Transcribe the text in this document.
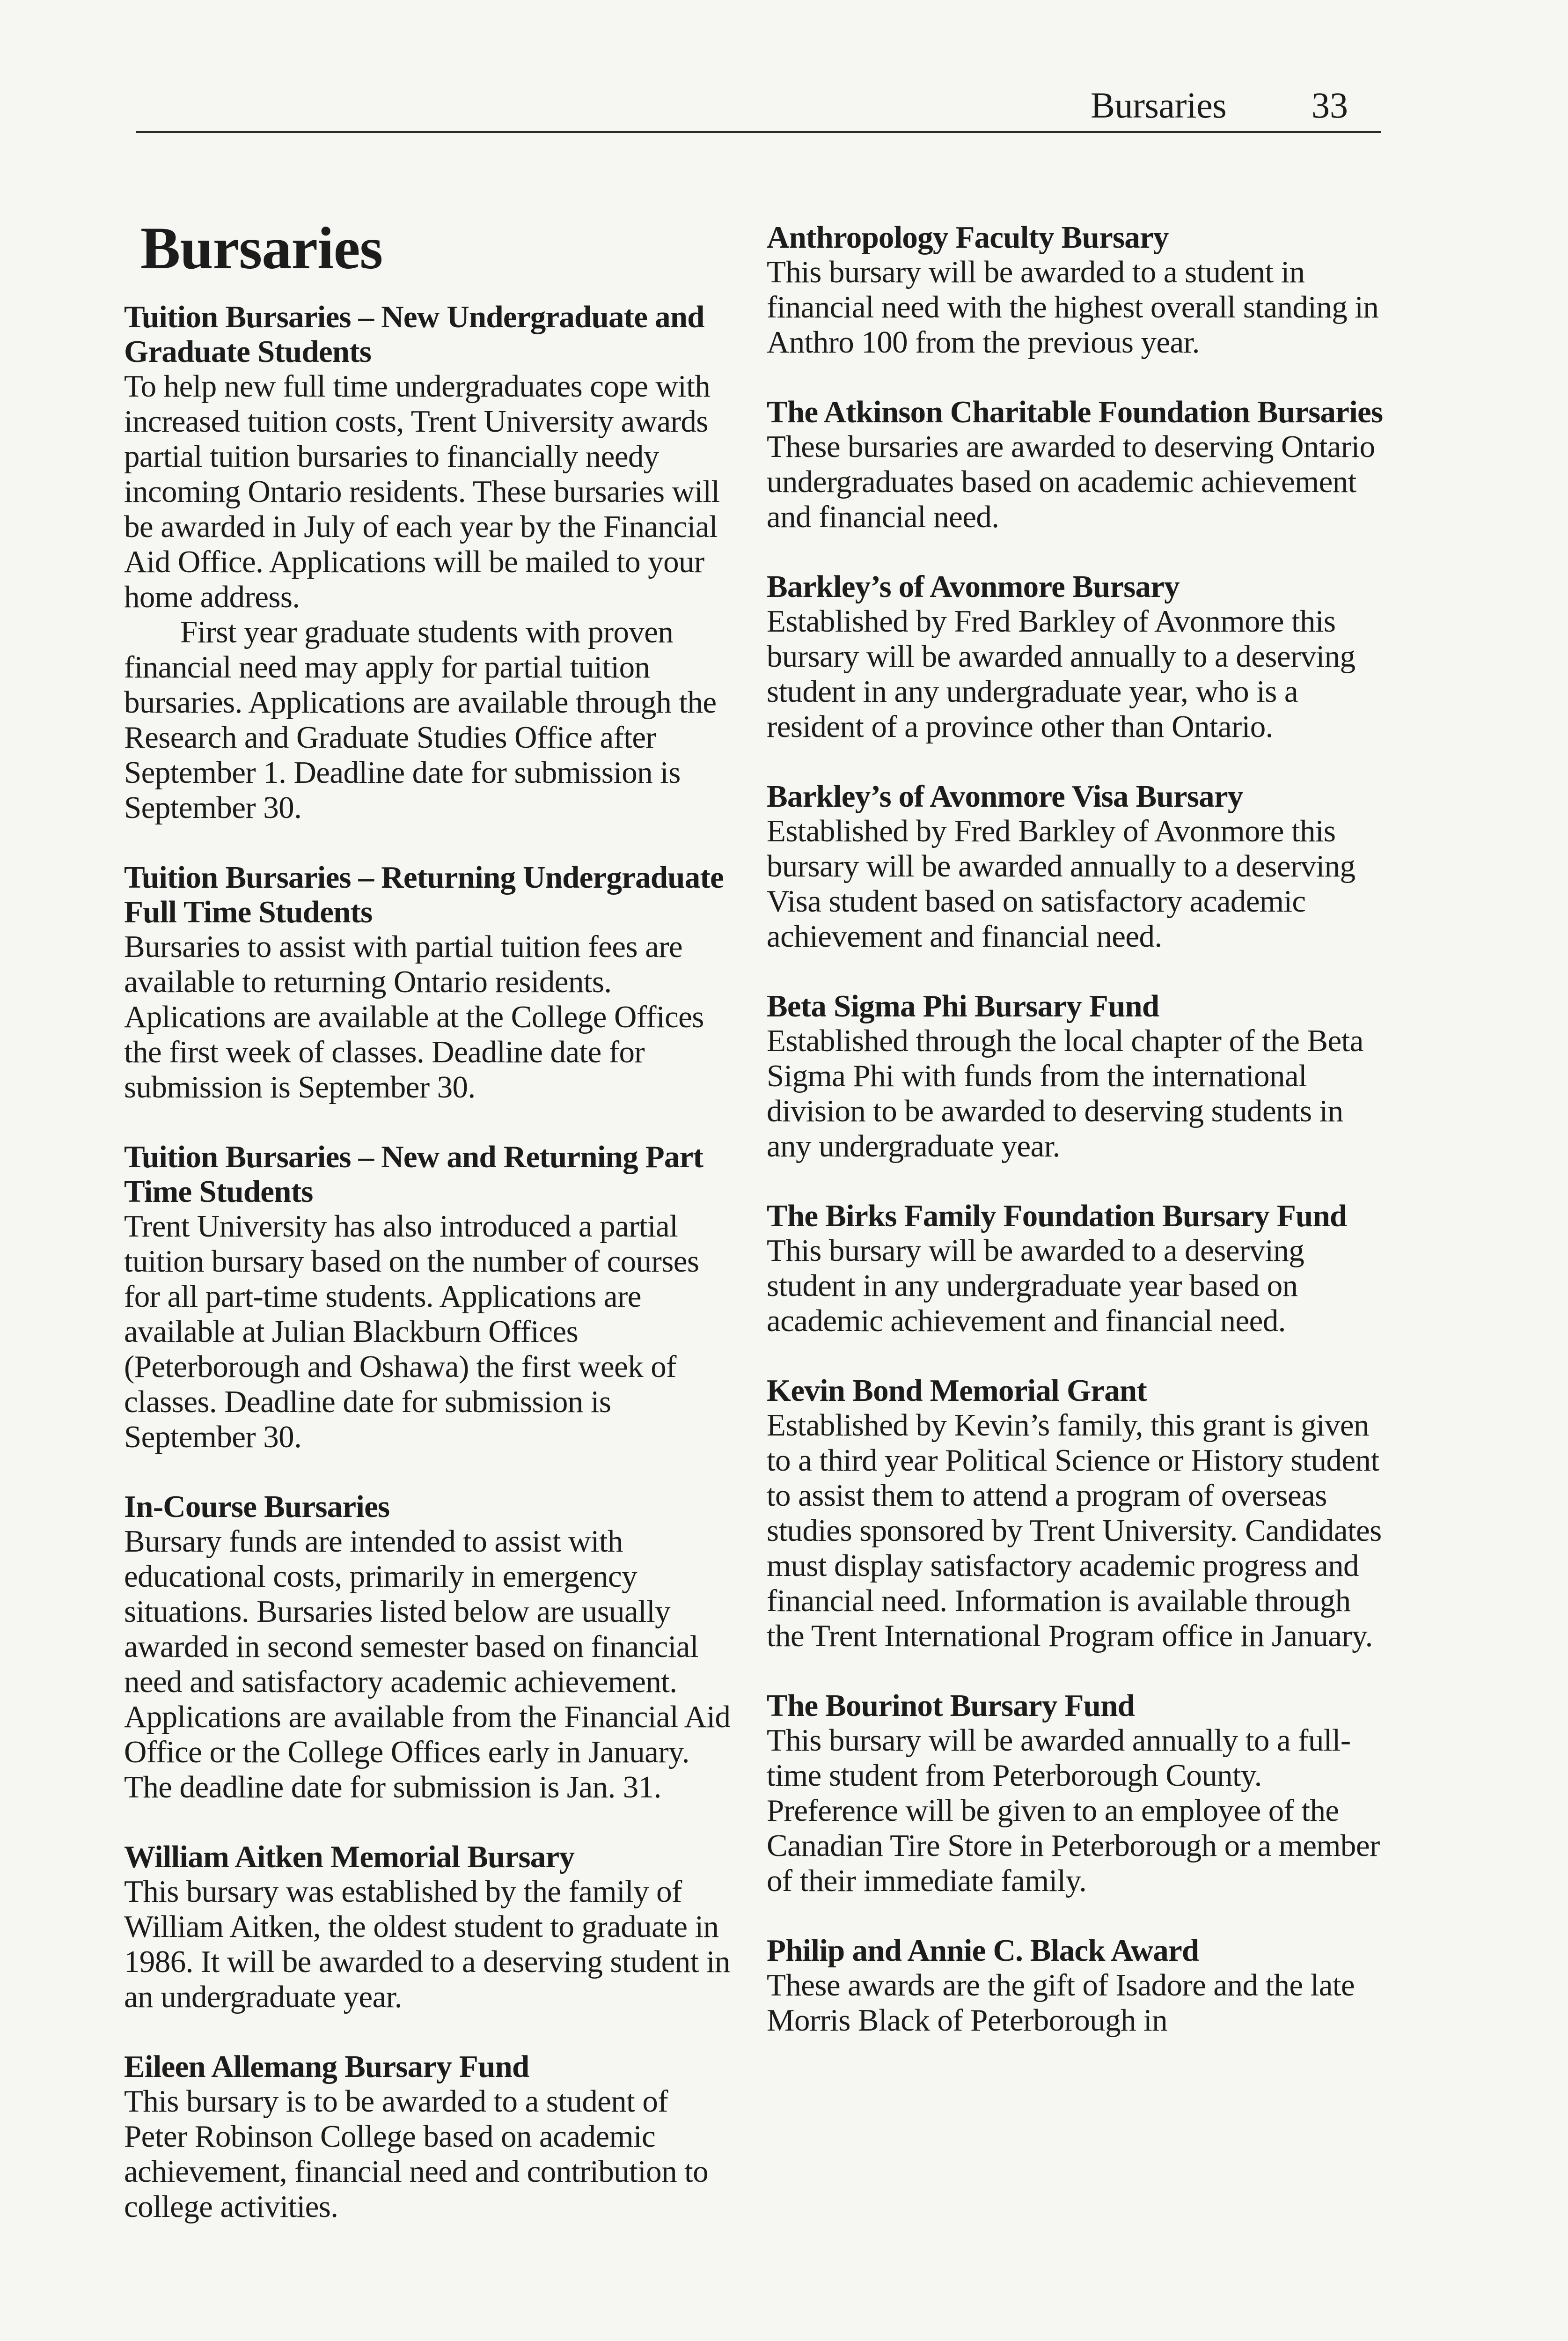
Bursaries	33
Bursaries
Tuition Bursaries – New Undergraduate and Graduate Students

To help new full time undergraduates cope with increased tuition costs, Trent University awards partial tuition bursaries to financially needy incoming Ontario residents. These bursaries will be awarded in July of each year by the Financial Aid Office. Applications will be mailed to your home address.

First year graduate students with proven financial need may apply for partial tuition bursaries. Applications are available through the Research and Graduate Studies Office after September 1. Deadline date for submission is September 30.

Tuition Bursaries – Returning Undergraduate Full Time Students

Bursaries to assist with partial tuition fees are available to returning Ontario residents. Aplications are available at the College Offices the first week of classes. Deadline date for submission is September 30.

Tuition Bursaries – New and Returning Part Time Students

Trent University has also introduced a partial tuition bursary based on the number of courses for all part-time students. Applications are available at Julian Blackburn Offices (Peterborough and Oshawa) the first week of classes. Deadline date for submission is September 30.

In-Course Bursaries

Bursary funds are intended to assist with educational costs, primarily in emergency situations. Bursaries listed below are usually awarded in second semester based on financial need and satisfactory academic achievement. Applications are available from the Financial Aid Office or the College Offices early in January. The deadline date for submission is Jan. 31.

William Aitken Memorial Bursary

This bursary was established by the family of William Aitken, the oldest student to graduate in 1986. It will be awarded to a deserving student in an undergraduate year.

Eileen Allemang Bursary Fund

This bursary is to be awarded to a student of Peter Robinson College based on academic achievement, financial need and contribution to college activities.

Anthropology Faculty Bursary

This bursary will be awarded to a student in financial need with the highest overall standing in Anthro 100 from the previous year.

The Atkinson Charitable Foundation Bursaries

These bursaries are awarded to deserving Ontario undergraduates based on academic achievement and financial need.

Barkley’s of Avonmore Bursary

Established by Fred Barkley of Avonmore this bursary will be awarded annually to a deserving student in any undergraduate year, who is a resident of a province other than Ontario.

Barkley’s of Avonmore Visa Bursary

Established by Fred Barkley of Avonmore this bursary will be awarded annually to a deserving Visa student based on satisfactory academic achievement and financial need.

Beta Sigma Phi Bursary Fund

Established through the local chapter of the Beta Sigma Phi with funds from the international division to be awarded to deserving students in any undergraduate year.

The Birks Family Foundation Bursary Fund

This bursary will be awarded to a deserving student in any undergraduate year based on academic achievement and financial need.

Kevin Bond Memorial Grant

Established by Kevin’s family, this grant is given to a third year Political Science or History student to assist them to attend a program of overseas studies sponsored by Trent University. Candidates must display satisfactory academic progress and financial need. Information is available through the Trent International Program office in January.

The Bourinot Bursary Fund

This bursary will be awarded annually to a full-time student from Peterborough County. Preference will be given to an employee of the Canadian Tire Store in Peterborough or a member of their immediate family.

Philip and Annie C. Black Award

These awards are the gift of Isadore and the late Morris Black of Peterborough in
